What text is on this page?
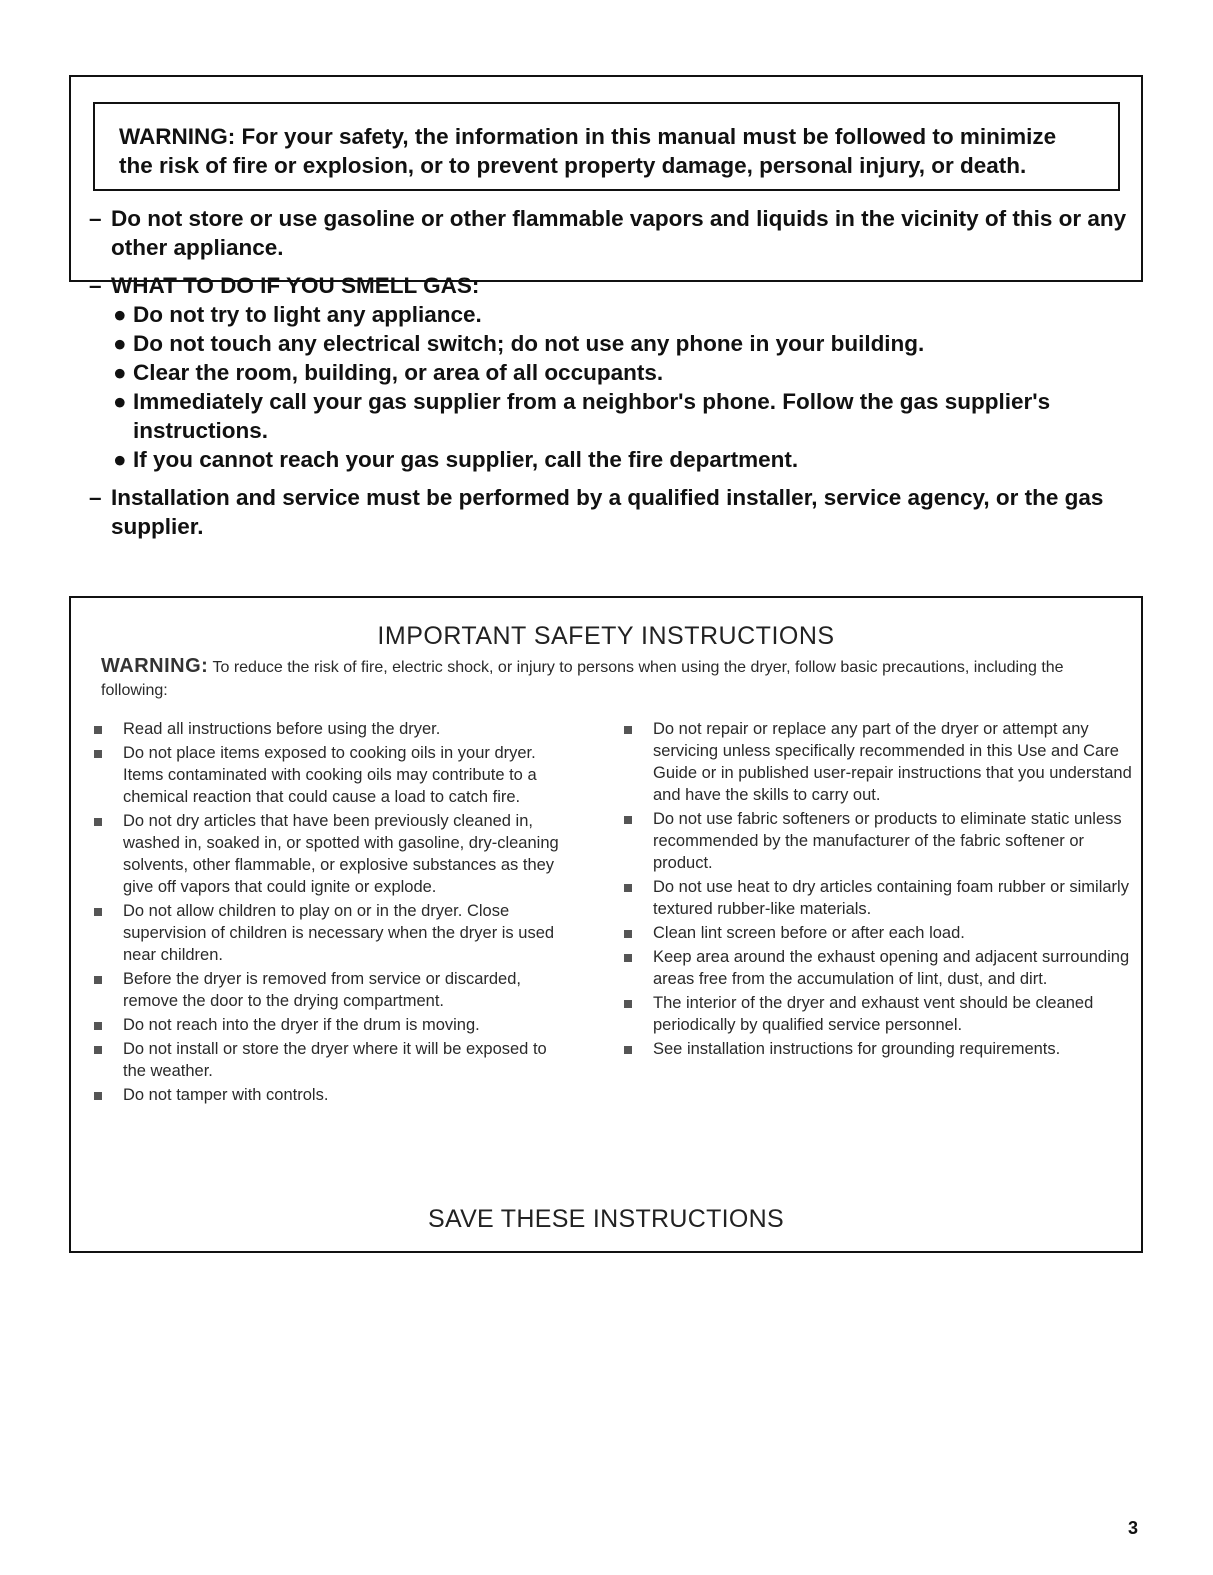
WARNING: For your safety, the information in this manual must be followed to minimize
the risk of fire or explosion, or to prevent property damage, personal injury, or death.
– Do not store or use gasoline or other flammable vapors and liquids in the vicinity of this or any other appliance.
– WHAT TO DO IF YOU SMELL GAS:
● Do not try to light any appliance.
● Do not touch any electrical switch; do not use any phone in your building.
● Clear the room, building, or area of all occupants.
● Immediately call your gas supplier from a neighbor's phone. Follow the gas supplier's instructions.
● If you cannot reach your gas supplier, call the fire department.
– Installation and service must be performed by a qualified installer, service agency, or the gas supplier.
IMPORTANT SAFETY INSTRUCTIONS
WARNING: To reduce the risk of fire, electric shock, or injury to persons when using the dryer, follow basic precautions, including the following:
Read all instructions before using the dryer.
Do not place items exposed to cooking oils in your dryer. Items contaminated with cooking oils may contribute to a chemical reaction that could cause a load to catch fire.
Do not dry articles that have been previously cleaned in, washed in, soaked in, or spotted with gasoline, dry-cleaning solvents, other flammable, or explosive substances as they give off vapors that could ignite or explode.
Do not allow children to play on or in the dryer. Close supervision of children is necessary when the dryer is used near children.
Before the dryer is removed from service or discarded, remove the door to the drying compartment.
Do not reach into the dryer if the drum is moving.
Do not install or store the dryer where it will be exposed to the weather.
Do not tamper with controls.
Do not repair or replace any part of the dryer or attempt any servicing unless specifically recommended in this Use and Care Guide or in published user-repair instructions that you understand and have the skills to carry out.
Do not use fabric softeners or products to eliminate static unless recommended by the manufacturer of the fabric softener or product.
Do not use heat to dry articles containing foam rubber or similarly textured rubber-like materials.
Clean lint screen before or after each load.
Keep area around the exhaust opening and adjacent surrounding areas free from the accumulation of lint, dust, and dirt.
The interior of the dryer and exhaust vent should be cleaned periodically by qualified service personnel.
See installation instructions for grounding requirements.
SAVE THESE INSTRUCTIONS
3
